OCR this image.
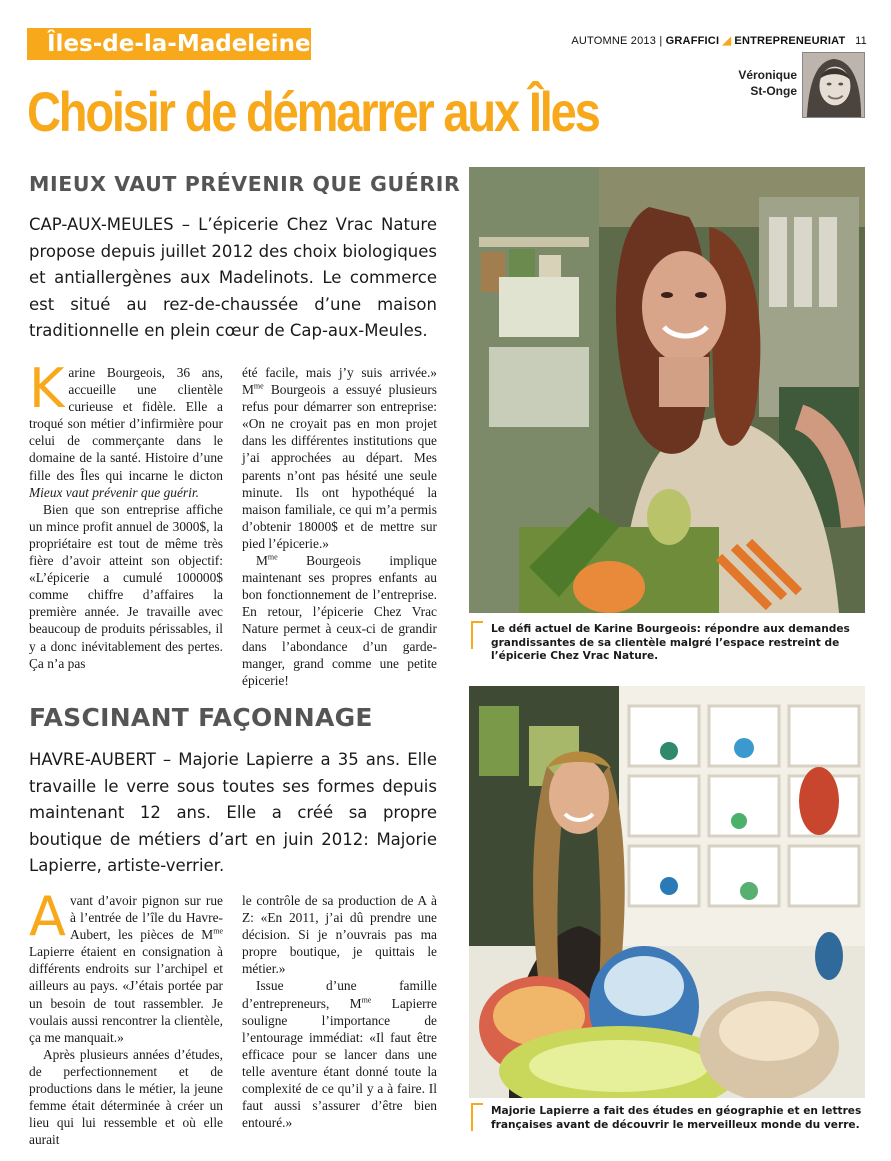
Îles-de-la-Madeleine	AUTOMNE 2013 | GRAFFICI ◢ ENTREPRENEURIAT 11
Véronique
St-Onge
Choisir de démarrer aux Îles
MIEUX VAUT PRÉVENIR QUE GUÉRIR

CAP-AUX-MEULES – L’épicerie Chez Vrac Nature propose depuis juillet 2012 des choix biologiques et antiallergènes aux Madelinots. Le commerce est situé au rez-de-chaussée d’une maison traditionnelle en plein cœur de Cap-aux-Meules.

Karine Bourgeois, 36 ans, accueille une clientèle curieuse et fidèle. Elle a troqué son métier d’infirmière pour celui de commerçante dans le domaine de la santé. Histoire d’une fille des Îles qui incarne le dicton Mieux vaut prévenir que guérir.

Bien que son entreprise affiche un mince profit annuel de 3000$, la propriétaire est tout de même très fière d’avoir atteint son objectif: «L’épicerie a cumulé 100000$ comme chiffre d’affaires la première année. Je travaille avec beaucoup de produits périssables, il y a donc inévitablement des pertes. Ça n’a pas

été facile, mais j’y suis arrivée.» $M^{me}$ Bourgeois a essuyé plusieurs refus pour démarrer son entreprise: «On ne croyait pas en mon projet dans les différentes institutions que j’ai approchées au départ. Mes parents n’ont pas hésité une seule minute. Ils ont hypothéqué la maison familiale, ce qui m’a permis d’obtenir 18000$ et de mettre sur pied l’épicerie.»

$M^{me}$ Bourgeois implique maintenant ses propres enfants au bon fonctionnement de l’entreprise. En retour, l’épicerie Chez Vrac Nature permet à ceux-ci de grandir dans l’abondance d’un garde-manger, grand comme une petite épicerie!

Le défi actuel de Karine Bourgeois: répondre aux demandes grandissantes de sa clientèle malgré l’espace restreint de l’épicerie Chez Vrac Nature.

FASCINANT FAÇONNAGE

HAVRE-AUBERT – Majorie Lapierre a 35 ans. Elle travaille le verre sous toutes ses formes depuis maintenant 12 ans. Elle a créé sa propre boutique de métiers d’art en juin 2012: Majorie Lapierre, artiste-verrier.

Avant d’avoir pignon sur rue à l’entrée de l’île du Havre-Aubert, les pièces de $M^{me}$ Lapierre étaient en consignation à différents endroits sur l’archipel et ailleurs au pays. «J’étais portée par un besoin de tout rassembler. Je voulais aussi rencontrer la clientèle, ça me manquait.»

Après plusieurs années d’études, de perfectionnement et de productions dans le métier, la jeune femme était déterminée à créer un lieu qui lui ressemble et où elle aurait

le contrôle de sa production de A à Z: «En 2011, j’ai dû prendre une décision. Si je n’ouvrais pas ma propre boutique, je quittais le métier.»

Issue d’une famille d’entrepreneurs, $M^{me}$ Lapierre souligne l’importance de l’entourage immédiat: «Il faut être efficace pour se lancer dans une telle aventure étant donné toute la complexité de ce qu’il y a à faire. Il faut aussi s’assurer d’être bien entouré.»

Majorie Lapierre a fait des études en géographie et en lettres françaises avant de découvrir le merveilleux monde du verre.
